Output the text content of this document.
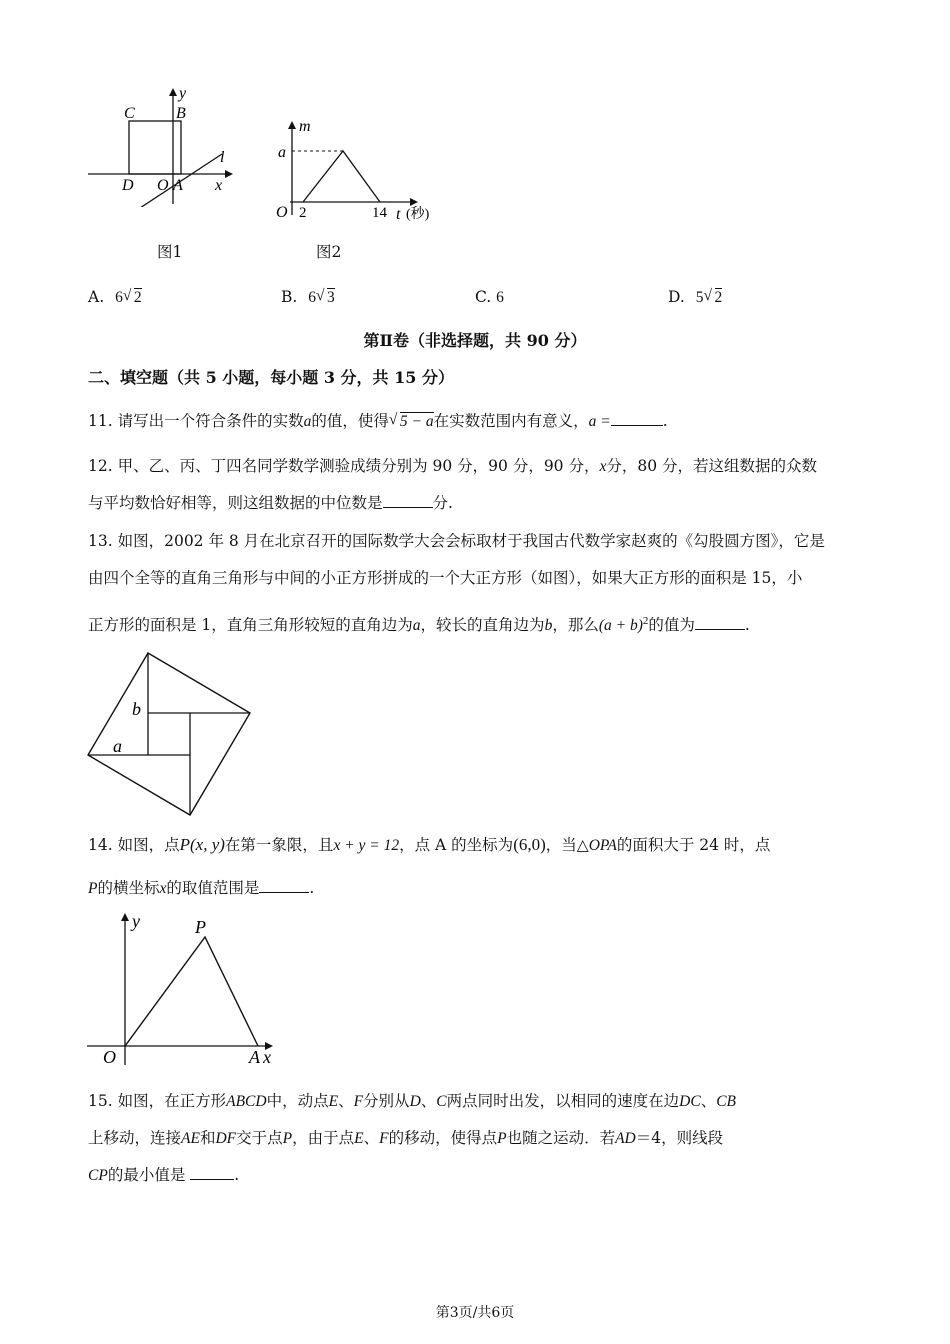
C	B
y
l
D O A x
图1
m
a
O 2	14 t (秒)
图2
A. 6 √ 2	B. 6 √ 3	C. 6	D. 5 √ 2
第Ⅱ卷（非选择题，共 90 分）
二、填空题（共 5 小题，每小题 3 分，共 15 分）
11. 请写出一个符合条件的实数a的值，使得 √ 5 − a在实数范围内有意义，a =	.
12. 甲、乙、丙、丁四名同学数学测验成绩分别为 90 分，90 分，90 分，x分，80 分，若这组数据的众数
与平均数恰好相等，则这组数据的中位数是	分.
13. 如图，2002 年 8 月在北京召开的国际数学大会会标取材于我国古代数学家赵爽的《勾股圆方图》，它是
由四个全等的直角三角形与中间的小正方形拼成的一个大正方形（如图），如果大正方形的面积是 15，小
正方形的面积是 1，直角三角形较短的直角边为a，较长的直角边为b，那么$(a + b)^2$的值为	.
b
a
14. 如图，点P(x, y)在第一象限，且x + y = 12，点 A 的坐标为(6,0)，当△OPA的面积大于 24 时，点
P的横坐标x的取值范围是	.
y	P
O	A x
15. 如图，在正方形ABCD中，动点E、F分别从D、C两点同时出发，以相同的速度在边DC、CB
上移动，连接AE和DF交于点P，由于点E、F的移动，使得点P也随之运动．若AD＝4，则线段
CP的最小值是	.
第3页/共6页
